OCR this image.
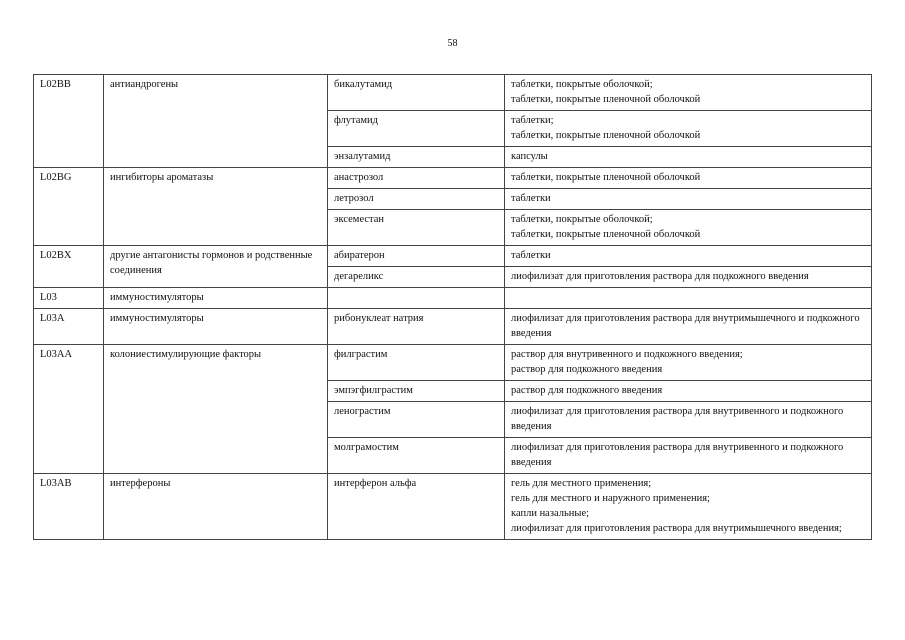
58
L02BB	антиандрогены	бикалутамид	таблетки, покрытые оболочкой;
таблетки, покрытые пленочной оболочкой

		флутамид	таблетки;
таблетки, покрытые пленочной оболочкой

		энзалутамид	капсулы

L02BG	ингибиторы ароматазы	анастрозол	таблетки, покрытые пленочной оболочкой

		летрозол	таблетки

		эксеместан	таблетки, покрытые оболочкой;
таблетки, покрытые пленочной оболочкой

L02BX	другие антагонисты гормонов и родственные соединения	абиратерон	таблетки

		дегареликс	лиофилизат для приготовления раствора для подкожного введения

L03	иммуностимуляторы		
L03A	иммуностимуляторы	рибонуклеат натрия	лиофилизат для приготовления раствора для внутримышечного и подкожного введения

L03AA	колониестимулирующие факторы	филграстим	раствор для внутривенного и подкожного введения;
раствор для подкожного введения

		эмпэгфилграстим	раствор для подкожного введения

		ленограстим	лиофилизат для приготовления раствора для внутривенного и подкожного введения

		молграмостим	лиофилизат для приготовления раствора для внутривенного и подкожного введения

L03AB	интерфероны	интерферон альфа	гель для местного применения;
гель для местного и наружного применения;
капли назальные;
лиофилизат для приготовления раствора для внутримышечного введения;
